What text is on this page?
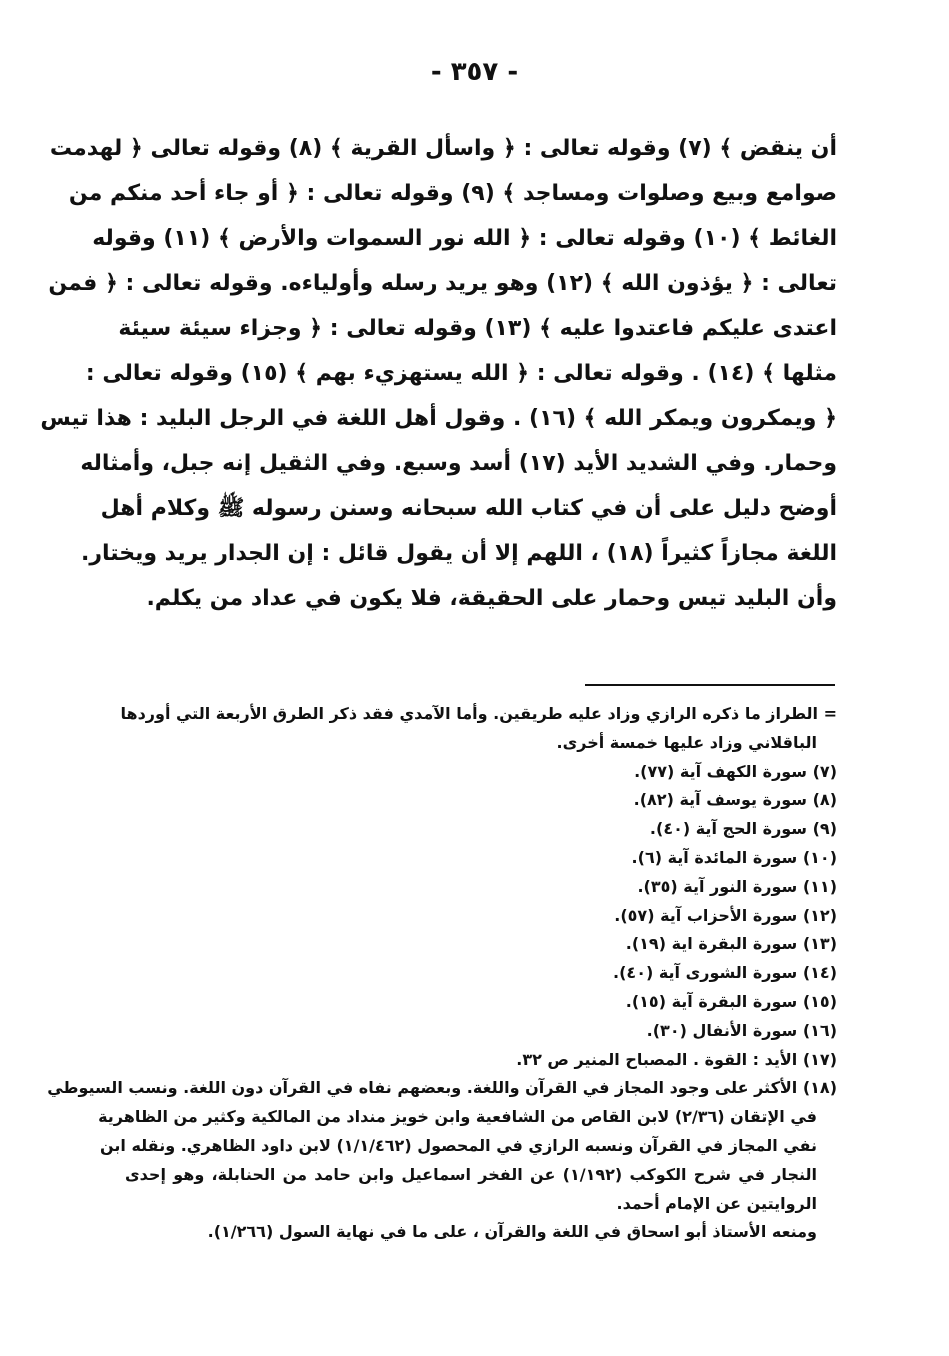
- ٣٥٧ -
أن ينقض ﴾ (٧) وقوله تعالى : ﴿ واسأل القرية ﴾ (٨) وقوله تعالى ﴿ لهدمت
صوامع وبيع وصلوات ومساجد ﴾ (٩) وقوله تعالى : ﴿ أو جاء أحد منكم من
الغائط ﴾ (١٠) وقوله تعالى : ﴿ الله نور السموات والأرض ﴾ (١١) وقوله
تعالى : ﴿ يؤذون الله ﴾ (١٢) وهو يريد رسله وأولياءه. وقوله تعالى : ﴿ فمن
اعتدى عليكم فاعتدوا عليه ﴾ (١٣) وقوله تعالى : ﴿ وجزاء سيئة سيئة
مثلها ﴾ (١٤) . وقوله تعالى : ﴿ الله يستهزيء بهم ﴾ (١٥) وقوله تعالى :
﴿ ويمكرون ويمكر الله ﴾ (١٦) . وقول أهل اللغة في الرجل البليد : هذا تيس
وحمار. وفي الشديد الأيد (١٧) أسد وسبع. وفي الثقيل إنه جبل، وأمثاله
أوضح دليل على أن في كتاب الله سبحانه وسنن رسوله ﷺ وكلام أهل
اللغة مجازاً كثيراً (١٨) ، اللهم إلا أن يقول قائل : إن الجدار يريد ويختار.
وأن البليد تيس وحمار على الحقيقة، فلا يكون في عداد من يكلم.
= الطراز ما ذكره الرازي وزاد عليه طريقين. وأما الآمدي فقد ذكر الطرق الأربعة التي أوردها
الباقلاني وزاد عليها خمسة أخرى.
(٧) سورة الكهف آية (٧٧).
(٨) سورة يوسف آية (٨٢).
(٩) سورة الحج آية (٤٠).
(١٠) سورة المائدة آية (٦).
(١١) سورة النور آية (٣٥).
(١٢) سورة الأحزاب آية (٥٧).
(١٣) سورة البقرة اية (١٩).
(١٤) سورة الشورى آية (٤٠).
(١٥) سورة البقرة آية (١٥).
(١٦) سورة الأنفال (٣٠).
(١٧) الأيد : القوة . المصباح المنير ص ٣٢.
(١٨) الأكثر على وجود المجاز في القرآن واللغة. وبعضهم نفاه في القرآن دون اللغة. ونسب السيوطي
في الإتقان (٢/٣٦) لابن القاص من الشافعية وابن خويز منداد من المالكية وكثير من الظاهرية
نفي المجاز في القرآن ونسبه الرازي في المحصول (١/١/٤٦٢) لابن داود الظاهري. ونقله ابن
النجار في شرح الكوكب (١/١٩٢) عن الفخر اسماعيل وابن حامد من الحنابلة، وهو إحدى
الروايتين عن الإمام أحمد.
ومنعه الأستاذ أبو اسحاق في اللغة والقرآن ، على ما في نهاية السول (١/٢٦٦).
